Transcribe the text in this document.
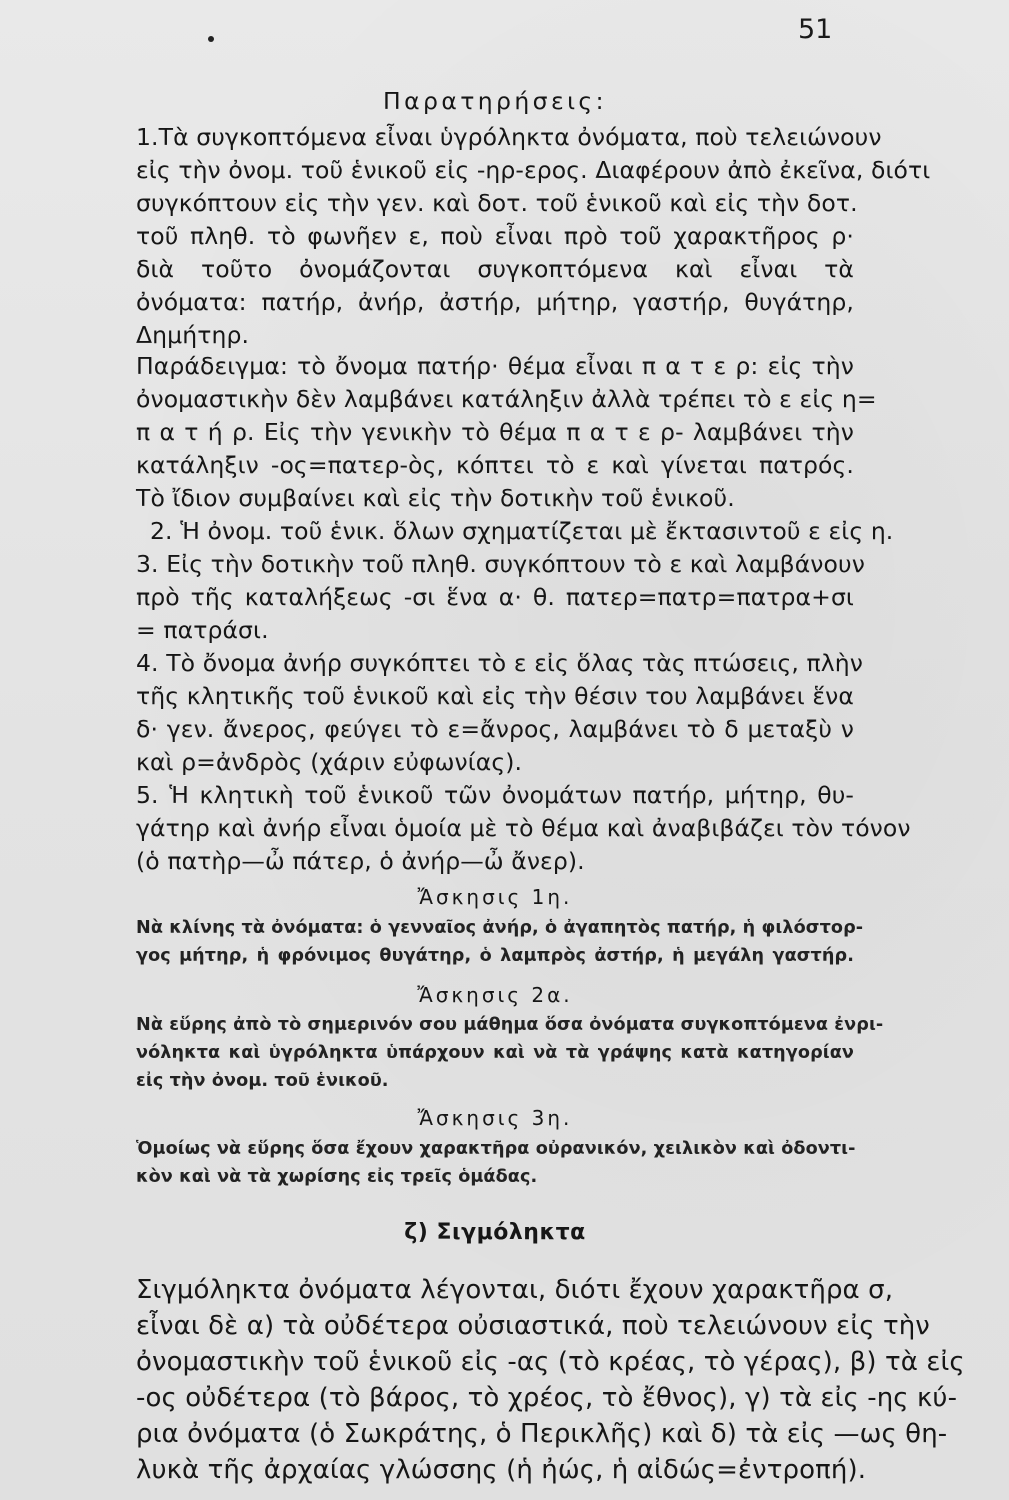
51
Παρατηρήσεις:
1.Τὰ συγκοπτόμενα εἶναι ὑγρόληκτα ὀνόματα, ποὺ τελειώνουν
εἰς τὴν ὀνομ. τοῦ ἑνικοῦ εἰς -ηρ-ερος. Διαφέρουν ἀπὸ ἐκεῖνα, διότι
συγκόπτουν εἰς τὴν γεν. καὶ δοτ. τοῦ ἑνικοῦ καὶ εἰς τὴν δοτ.
τοῦ πληθ. τὸ φωνῆεν ε, ποὺ εἶναι πρὸ τοῦ χαρακτῆρος ρ·
διὰ τοῦτο ὀνομάζονται συγκοπτόμενα καὶ εἶναι τὰ
ὀνόματα: πατήρ, ἀνήρ, ἀστήρ, μήτηρ, γαστήρ, θυγάτηρ,
Δημήτηρ.
Παράδειγμα: τὸ ὄνομα πατήρ· θέμα εἶναι π α τ ε ρ: εἰς τὴν
ὀνομαστικὴν δὲν λαμβάνει κατάληξιν ἀλλὰ τρέπει τὸ ε εἰς η=
π α τ ή ρ. Εἰς τὴν γενικὴν τὸ θέμα π α τ ε ρ- λαμβάνει τὴν
κατάληξιν -ος=πατερ-ὸς, κόπτει τὸ ε καὶ γίνεται πατρός.
Τὸ ἴδιον συμβαίνει καὶ εἰς τὴν δοτικὴν τοῦ ἑνικοῦ.
2. Ἡ ὀνομ. τοῦ ἑνικ. ὅλων σχηματίζεται μὲ ἔκτασιντοῦ ε εἰς η.
3. Εἰς τὴν δοτικὴν τοῦ πληθ. συγκόπτουν τὸ ε καὶ λαμβάνουν
πρὸ τῆς καταλήξεως -σι ἕνα α· θ. πατερ=πατρ=πατρα+σι
= πατράσι.
4. Τὸ ὄνομα ἀνήρ συγκόπτει τὸ ε εἰς ὅλας τὰς πτώσεις, πλὴν
τῆς κλητικῆς τοῦ ἑνικοῦ καὶ εἰς τὴν θέσιν του λαμβάνει ἕνα
δ· γεν. ἄνερος, φεύγει τὸ ε=ἄνρος, λαμβάνει τὸ δ μεταξὺ ν
καὶ ρ=ἀνδρὸς (χάριν εὐφωνίας).
5. Ἡ κλητικὴ τοῦ ἑνικοῦ τῶν ὀνομάτων πατήρ, μήτηρ, θυ-
γάτηρ καὶ ἀνήρ εἶναι ὁμοία μὲ τὸ θέμα καὶ ἀναβιβάζει τὸν τόνον
(ὁ πατὴρ—ὦ πάτερ, ὁ ἀνήρ—ὦ ἄνερ).
Ἄσκησις 1η.
Νὰ κλίνης τὰ ὀνόματα: ὁ γενναῖος ἀνήρ, ὁ ἀγαπητὸς πατήρ, ἡ φιλόστορ-
γος μήτηρ, ἡ φρόνιμος θυγάτηρ, ὁ λαμπρὸς ἀστήρ, ἡ μεγάλη γαστήρ.
Ἄσκησις 2α.
Νὰ εὕρης ἀπὸ τὸ σημερινόν σου μάθημα ὅσα ὀνόματα συγκοπτόμενα ἐνρι-
νόληκτα καὶ ὑγρόληκτα ὑπάρχουν καὶ νὰ τὰ γράψης κατὰ κατηγορίαν
εἰς τὴν ὀνομ. τοῦ ἑνικοῦ.
Ἄσκησις 3η.
Ὁμοίως νὰ εὕρης ὅσα ἔχουν χαρακτῆρα οὐρανικόν, χειλικὸν καὶ ὀδοντι-
κὸν καὶ νὰ τὰ χωρίσης εἰς τρεῖς ὁμάδας.
ζ) Σιγμόληκτα
Σιγμόληκτα ὀνόματα λέγονται, διότι ἔχουν χαρακτῆρα σ,
εἶναι δὲ α) τὰ οὐδέτερα οὐσιαστικά, ποὺ τελειώνουν εἰς τὴν
ὀνομαστικὴν τοῦ ἑνικοῦ εἰς -ας (τὸ κρέας, τὸ γέρας), β) τὰ εἰς
-ος οὐδέτερα (τὸ βάρος, τὸ χρέος, τὸ ἔθνος), γ) τὰ εἰς -ης κύ-
ρια ὀνόματα (ὁ Σωκράτης, ὁ Περικλῆς) καὶ δ) τὰ εἰς —ως θη-
λυκὰ τῆς ἀρχαίας γλώσσης (ἡ ἠώς, ἡ αἰδώς=ἐντροπή).
